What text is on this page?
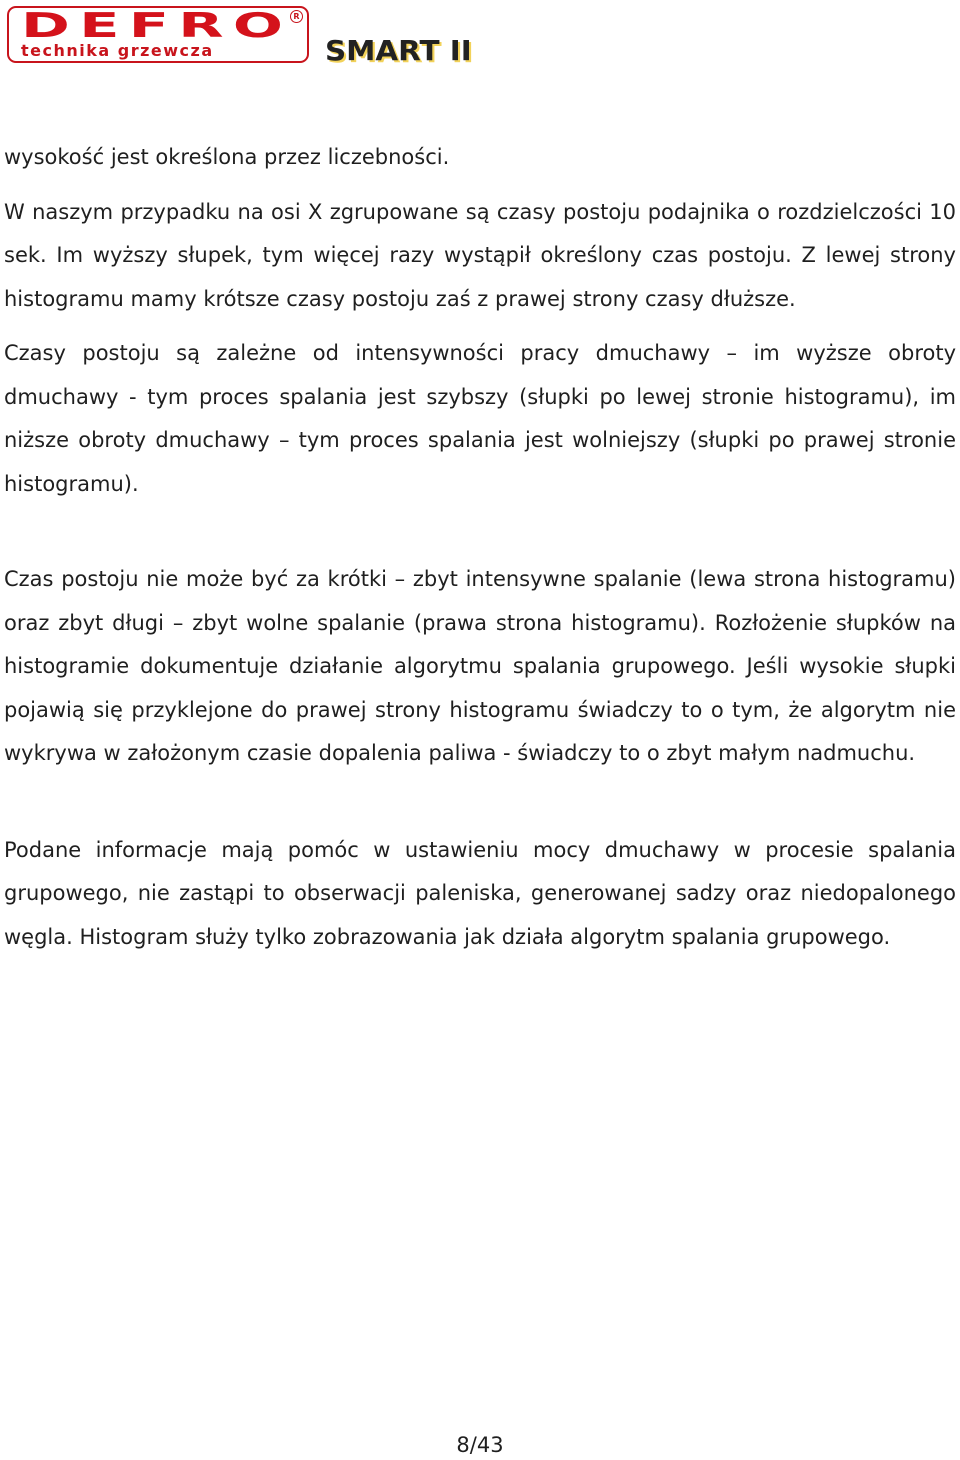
DEFRO R
technika grzewcza	SMART II

wysokość jest określona przez liczebności.

W naszym przypadku na osi X zgrupowane są czasy postoju podajnika o rozdzielczości 10 sek. Im wyższy słupek, tym więcej razy wystąpił określony czas postoju. Z lewej strony histogramu mamy krótsze czasy postoju zaś z prawej strony czasy dłuższe.

Czasy postoju są zależne od intensywności pracy dmuchawy – im wyższe obroty dmuchawy - tym proces spalania jest szybszy (słupki po lewej stronie histogramu), im niższe obroty dmuchawy – tym proces spalania jest wolniejszy (słupki po prawej stronie histogramu).

Czas postoju nie może być za krótki – zbyt intensywne spalanie (lewa strona histogramu) oraz zbyt długi – zbyt wolne spalanie (prawa strona histogramu). Rozłożenie słupków na histogramie dokumentuje działanie algorytmu spalania grupowego. Jeśli wysokie słupki pojawią się przyklejone do prawej strony histogramu świadczy to o tym, że algorytm nie wykrywa w założonym czasie dopalenia paliwa - świadczy to o zbyt małym nadmuchu.

Podane informacje mają pomóc w ustawieniu mocy dmuchawy w procesie spalania grupowego, nie zastąpi to obserwacji paleniska, generowanej sadzy oraz niedopalonego węgla. Histogram służy tylko zobrazowania jak działa algorytm spalania grupowego.

8/43
